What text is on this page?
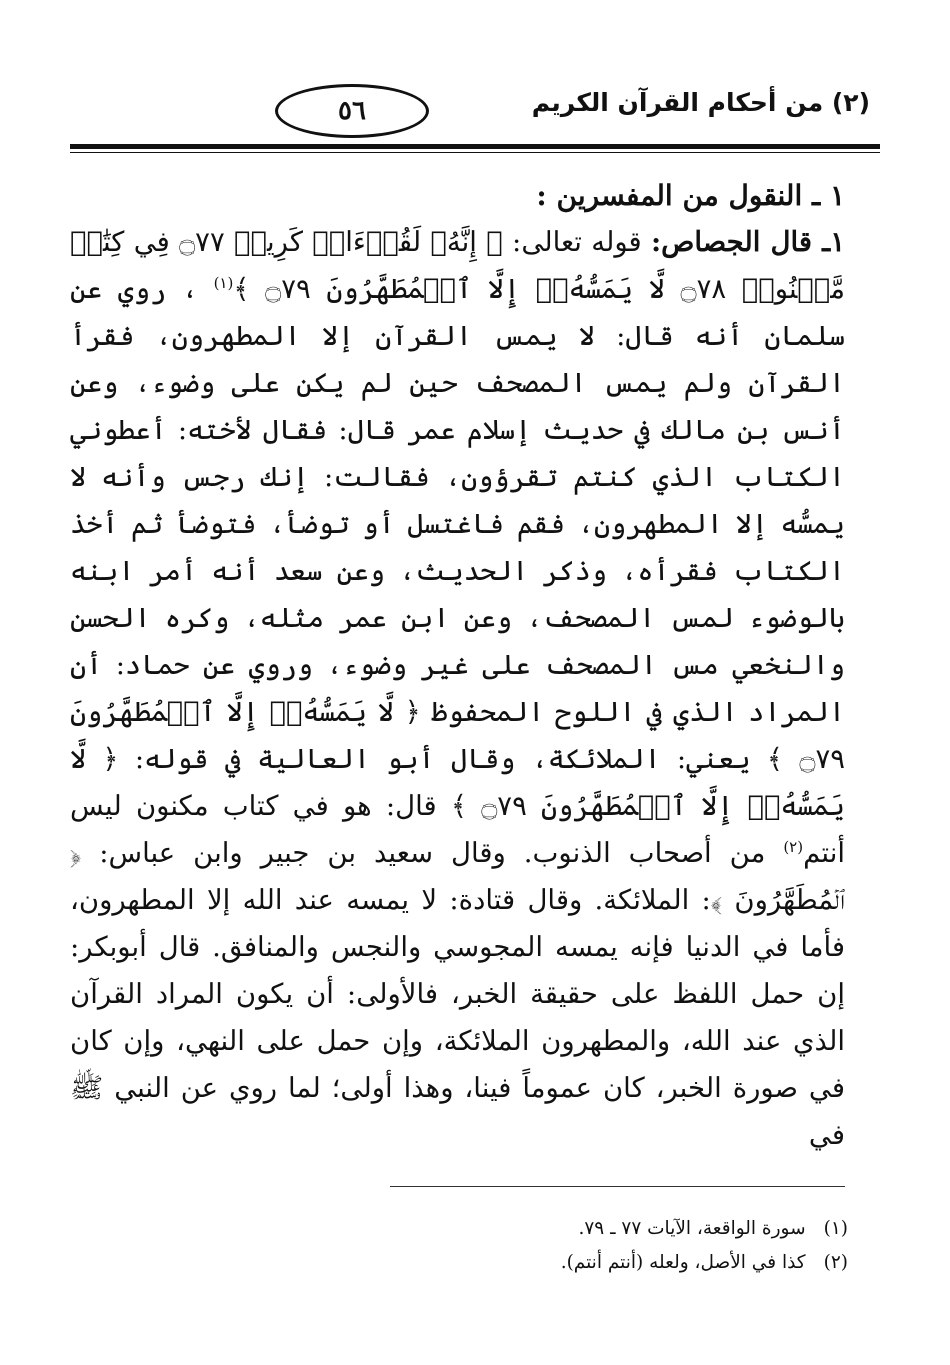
٥٦	(٢) من أحكام القرآن الكريم

١ ـ النقول من المفسرين :

١ـ قال الجصاص: قوله تعالى: ﴿ إِنَّهُۥ لَقُرۡءَانٞ كَرِيمٞ ۝٧٧ فِي كِتَٰبٖ مَّكۡنُونٖ ۝٧٨ لَّا يَمَسُّهُۥٓ إِلَّا ٱلۡمُطَهَّرُونَ ۝٧٩ ﴾$^{(١)}$ ، روي عن سلمان أنه قال: لا يمس القرآن إلا المطهرون، فقرأ القرآن ولم يمس المصحف حين لم يكن على وضوء، وعن أنس بن مالك في حديث إسلام عمر قال: فقال لأخته: أعطوني الكتاب الذي كنتم تقرؤون، فقالت: إنك رجس وأنه لا يمسُّه إلا المطهرون، فقم فاغتسل أو توضأ، فتوضأ ثم أخذ الكتاب فقرأه، وذكر الحديث، وعن سعد أنه أمر ابنه بالوضوء لمس المصحف، وعن ابن عمر مثله، وكره الحسن والنخعي مس المصحف على غير وضوء، وروي عن حماد: أن المراد الذي في اللوح المحفوظ ﴿ لَّا يَمَسُّهُۥٓ إِلَّا ٱلۡمُطَهَّرُونَ ۝٧٩ ﴾ يعني: الملائكة، وقال أبو العالية في قوله: ﴿ لَّا يَمَسُّهُۥٓ إِلَّا ٱلۡمُطَهَّرُونَ ۝٧٩ ﴾ قال: هو في كتاب مكنون ليس أنتم$^{(٢)}$ من أصحاب الذنوب. وقال سعيد بن جبير وابن عباس: ﴿ ٱلۡمُطَهَّرُونَ ﴾: الملائكة. وقال قتادة: لا يمسه عند الله إلا المطهرون، فأما في الدنيا فإنه يمسه المجوسي والنجس والمنافق. قال أبوبكر: إن حمل اللفظ على حقيقة الخبر، فالأولى: أن يكون المراد القرآن الذي عند الله، والمطهرون الملائكة، وإن حمل على النهي، وإن كان في صورة الخبر، كان عموماً فينا، وهذا أولى؛ لما روي عن النبي ﷺ في

(١)
سورة الواقعة، الآيات ٧٧ ـ ٧٩.
(٢)
كذا في الأصل، ولعله (أنتم أنتم).
